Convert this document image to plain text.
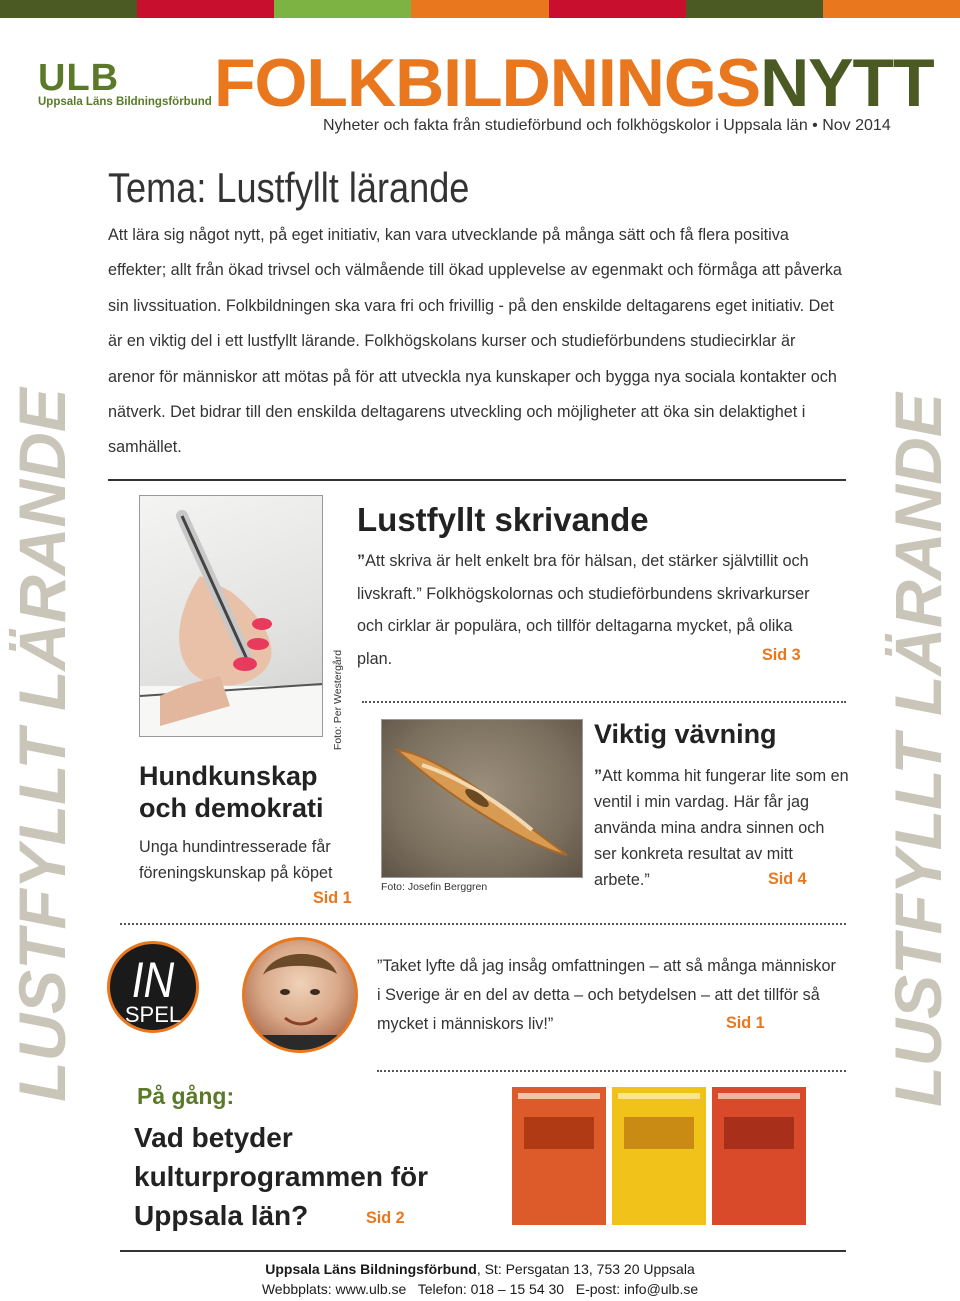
ULB
Uppsala Läns Bildningsförbund FOLKBILDNINGSNYTT
Nyheter och fakta från studieförbund och folkhögskolor i Uppsala län • Nov 2014
Tema: Lustfyllt lärande
Att lära sig något nytt, på eget initiativ, kan vara utvecklande på många sätt och få flera positiva effekter; allt från ökad trivsel och välmående till ökad upplevelse av egenmakt och förmåga att påverka sin livssituation. Folkbildningen ska vara fri och frivillig - på den enskilde deltagarens eget initiativ. Det är en viktig del i ett lustfyllt lärande. Folkhögskolans kurser och studieförbundens studiecirklar är arenor för människor att mötas på för att utveckla nya kunskaper och bygga nya sociala kontakter och nätverk. Det bidrar till den enskilda deltagarens utveckling och möjligheter att öka sin delaktighet i samhället.
LUSTFYLLT LÄRANDE	LUSTFYLLT LÄRANDE
Foto: Per Westergård
Lustfyllt skrivande
”Att skriva är helt enkelt bra för hälsan, det stärker självtillit och livskraft.” Folkhögskolornas och studieförbundens skrivarkurser och cirklar är populära, och tillför deltagarna mycket, på olika plan.	Sid 3
Hundkunskap
och demokrati
Unga hundintresserade får föreningskunskap på köpet
Sid 1
Foto: Josefin Berggren
Viktig vävning
”Att komma hit fungerar lite som en ventil i min vardag. Här får jag använda mina andra sinnen och ser konkreta resultat av mitt arbete.”	Sid 4
IN
SPEL
”Taket lyfte då jag insåg omfattningen – att så många människor i Sverige är en del av detta – och betydelsen – att det tillför så mycket i människors liv!”	Sid 1
På gång:
Vad betyder kulturprogrammen för Uppsala län?	Sid 2
Uppsala Läns Bildningsförbund, St: Persgatan 13, 753 20 Uppsala
Webbplats: www.ulb.se   Telefon: 018 – 15 54 30   E-post: info@ulb.se
